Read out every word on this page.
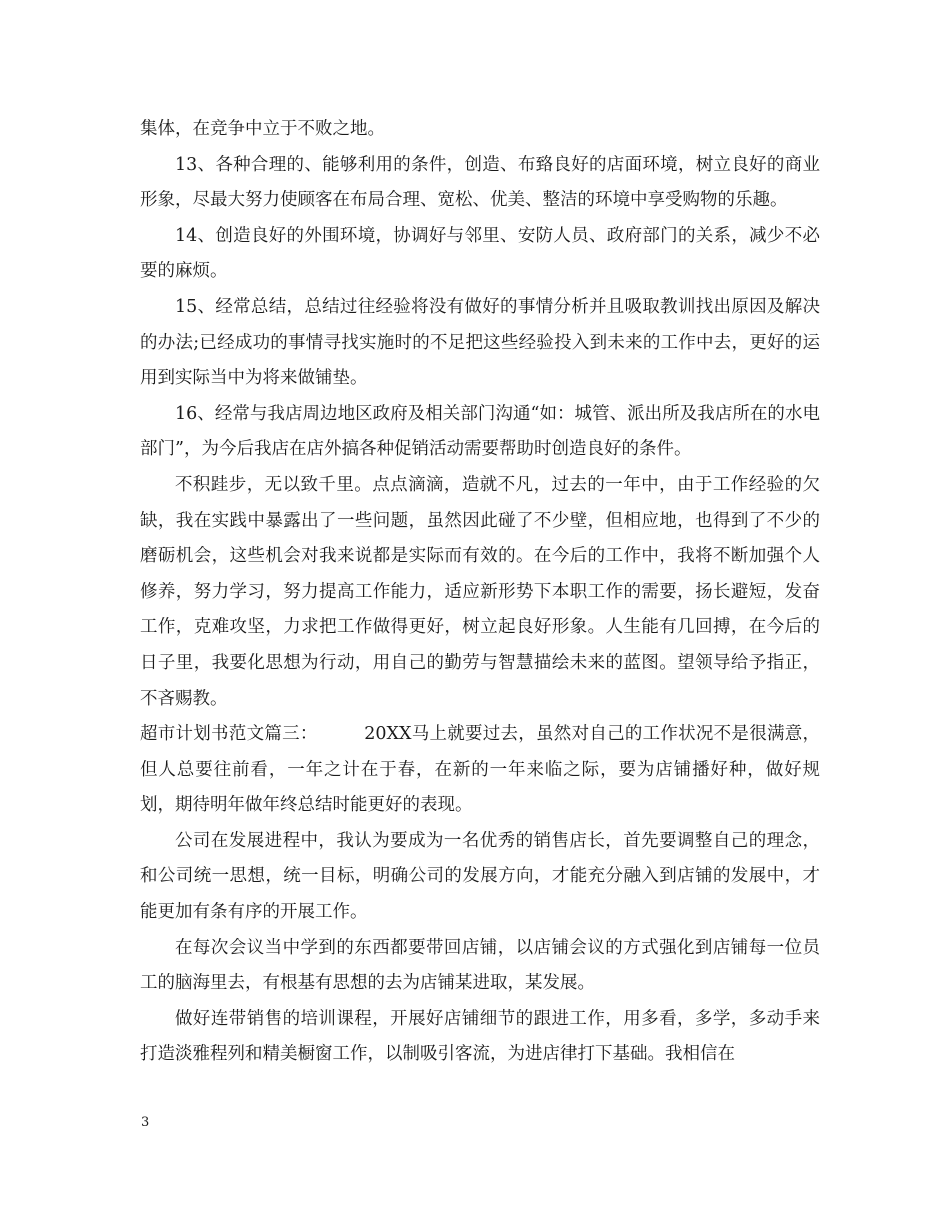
集体，在竞争中立于不败之地。

13、各种合理的、能够利用的条件，创造、布臵良好的店面环境，树立良好的商业形象，尽最大努力使顾客在布局合理、宽松、优美、整洁的环境中享受购物的乐趣。

14、创造良好的外围环境，协调好与邻里、安防人员、政府部门的关系，减少不必要的麻烦。

15、经常总结，总结过往经验将没有做好的事情分析并且吸取教训找出原因及解决的办法;已经成功的事情寻找实施时的不足把这些经验投入到未来的工作中去，更好的运用到实际当中为将来做铺垫。

16、经常与我店周边地区政府及相关部门沟通“如：城管、派出所及我店所在的水电部门”，为今后我店在店外搞各种促销活动需要帮助时创造良好的条件。

不积跬步，无以致千里。点点滴滴，造就不凡，过去的一年中，由于工作经验的欠缺，我在实践中暴露出了一些问题，虽然因此碰了不少壁，但相应地，也得到了不少的磨砺机会，这些机会对我来说都是实际而有效的。在今后的工作中，我将不断加强个人修养，努力学习，努力提高工作能力，适应新形势下本职工作的需要，扬长避短，发奋工作，克难攻坚，力求把工作做得更好，树立起良好形象。人生能有几回搏，在今后的日子里，我要化思想为行动，用自己的勤劳与智慧描绘未来的蓝图。望领导给予指正，不吝赐教。

超市计划书范文篇三：	20XX马上就要过去，虽然对自己的工作状况不是很满意，但人总要往前看，一年之计在于春，在新的一年来临之际，要为店铺播好种，做好规划，期待明年做年终总结时能更好的表现。

公司在发展进程中，我认为要成为一名优秀的销售店长，首先要调整自己的理念，和公司统一思想，统一目标，明确公司的发展方向，才能充分融入到店铺的发展中，才能更加有条有序的开展工作。

在每次会议当中学到的东西都要带回店铺，以店铺会议的方式强化到店铺每一位员工的脑海里去，有根基有思想的去为店铺某进取，某发展。

做好连带销售的培训课程，开展好店铺细节的跟进工作，用多看，多学，多动手来打造淡雅程列和精美橱窗工作，以制吸引客流，为进店律打下基础。我相信在

3
